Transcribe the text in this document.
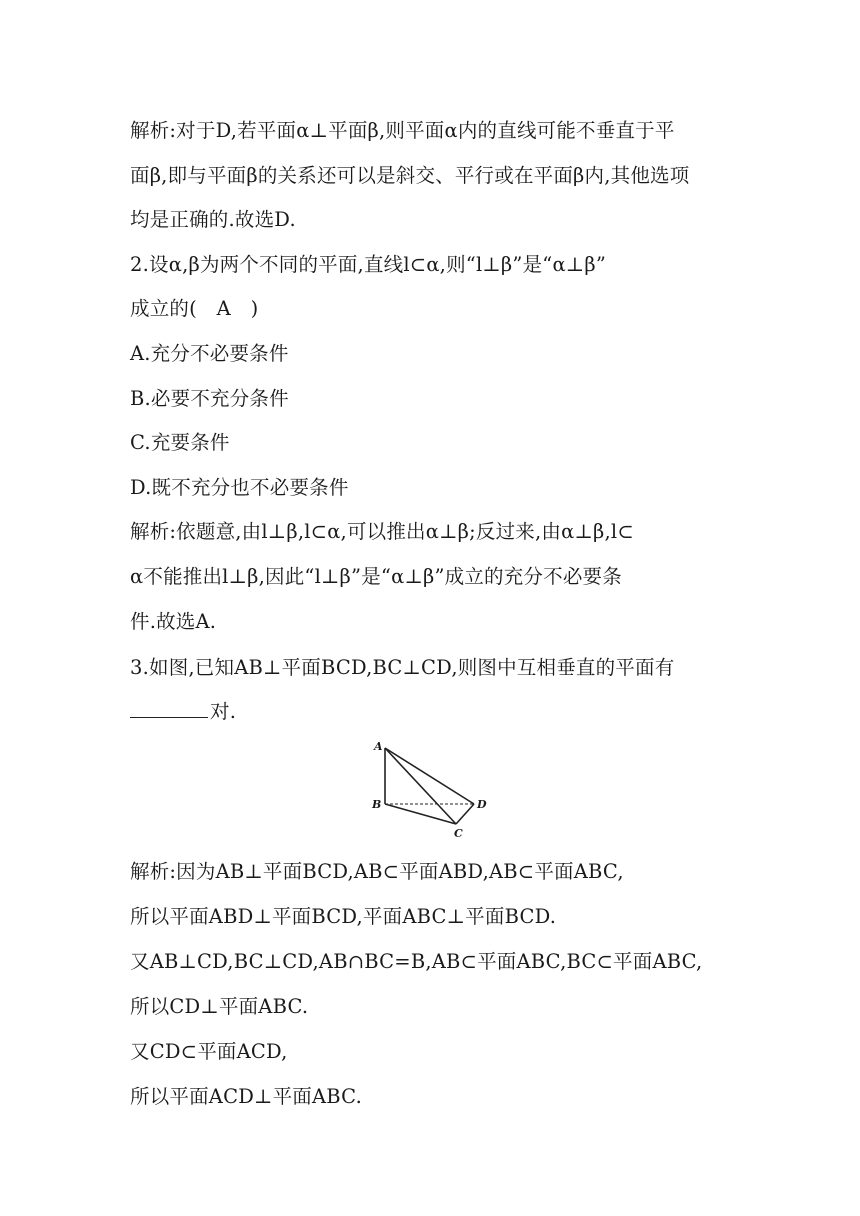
解析:对于D,若平面α⊥平面β,则平面α内的直线可能不垂直于平
面β,即与平面β的关系还可以是斜交、平行或在平面β内,其他选项
均是正确的.故选D.
2.设α,β为两个不同的平面,直线l⊂α,则“l⊥β”是“α⊥β”
成立的(　A　)
A.充分不必要条件
B.必要不充分条件
C.充要条件
D.既不充分也不必要条件
解析:依题意,由l⊥β,l⊂α,可以推出α⊥β;反过来,由α⊥β,l⊂
α不能推出l⊥β,因此“l⊥β”是“α⊥β”成立的充分不必要条
件.故选A.
3.如图,已知AB⊥平面BCD,BC⊥CD,则图中互相垂直的平面有
对.
A
B
C
D
解析:因为AB⊥平面BCD,AB⊂平面ABD,AB⊂平面ABC,
所以平面ABD⊥平面BCD,平面ABC⊥平面BCD.
又AB⊥CD,BC⊥CD,AB∩BC=B,AB⊂平面ABC,BC⊂平面ABC,
所以CD⊥平面ABC.
又CD⊂平面ACD,
所以平面ACD⊥平面ABC.
